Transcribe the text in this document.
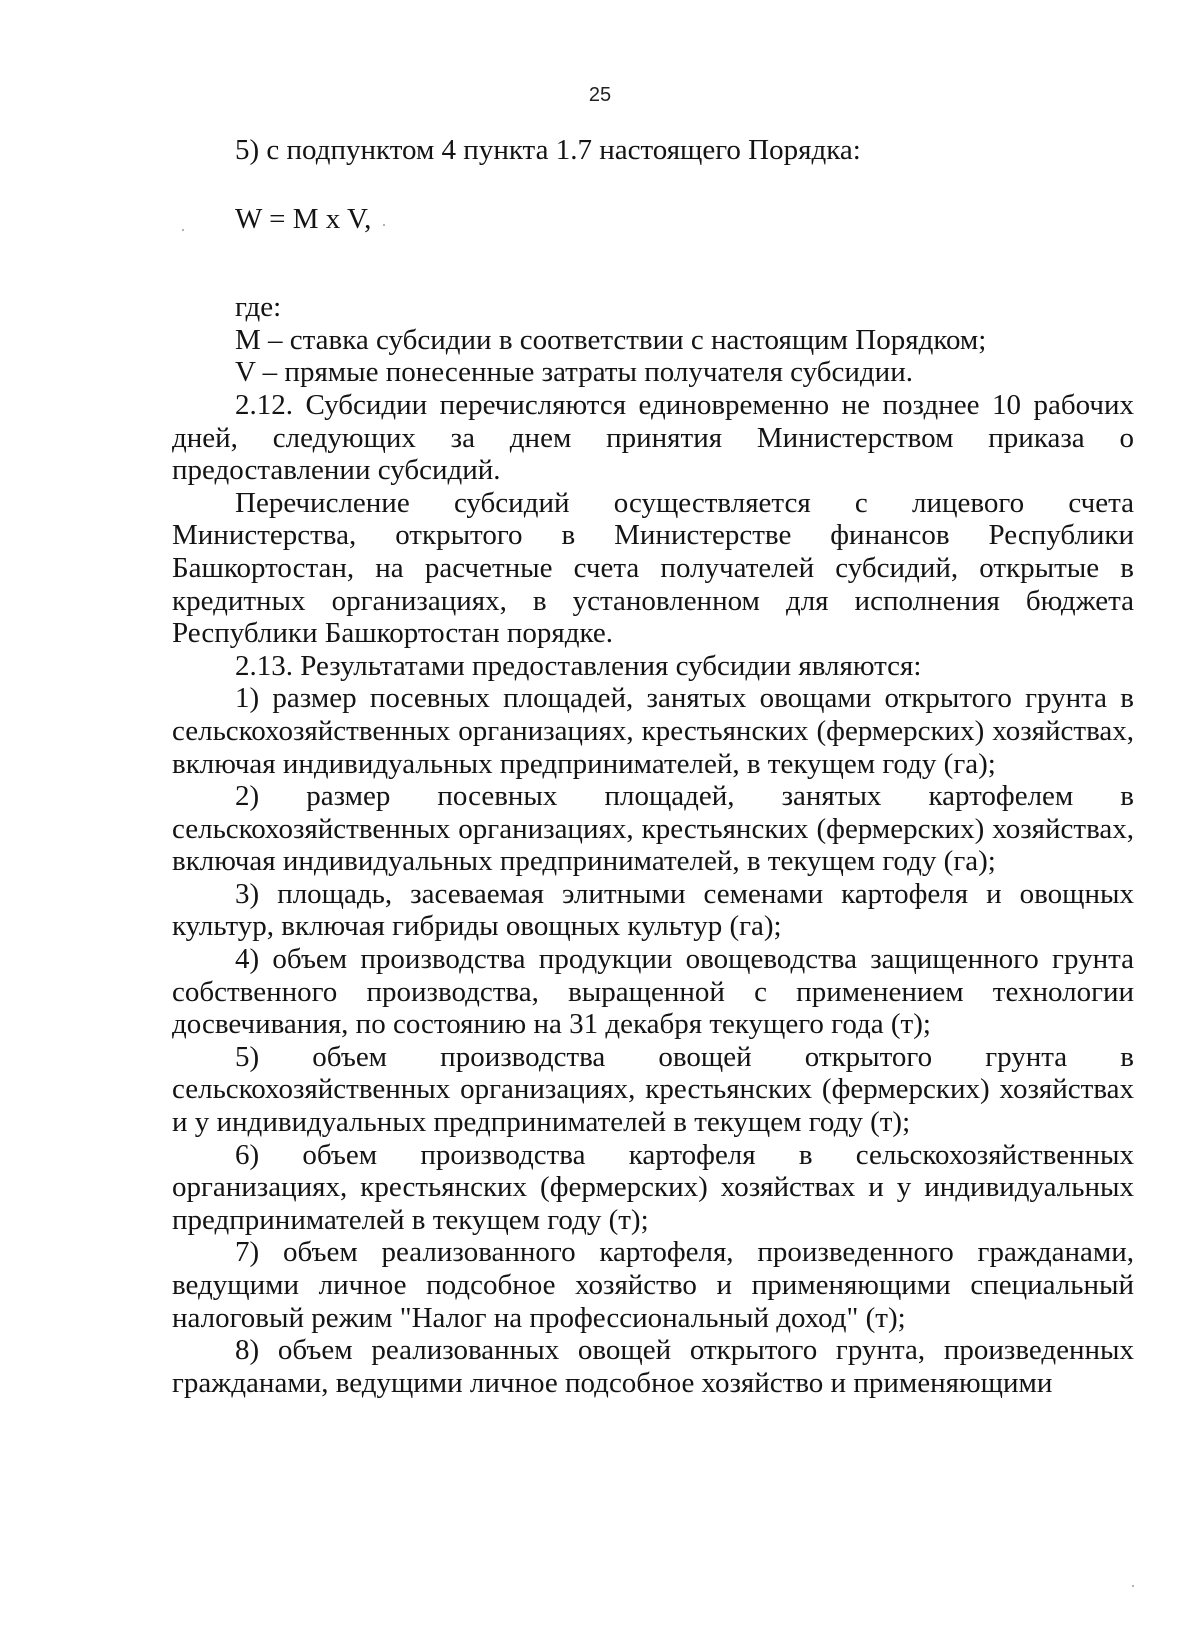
25

5) с подпунктом 4 пункта 1.7 настоящего Порядка:

W = M x V,

где:

M – ставка субсидии в соответствии с настоящим Порядком;

V – прямые понесенные затраты получателя субсидии.

2.12. Субсидии перечисляются единовременно не позднее 10 рабочих дней, следующих за днем принятия Министерством приказа о предоставлении субсидий.

Перечисление субсидий осуществляется с лицевого счета Министерства, открытого в Министерстве финансов Республики Башкортостан, на расчетные счета получателей субсидий, открытые в кредитных организациях, в установленном для исполнения бюджета Республики Башкортостан порядке.

2.13. Результатами предоставления субсидии являются:

1) размер посевных площадей, занятых овощами открытого грунта в сельскохозяйственных организациях, крестьянских (фермерских) хозяйствах, включая индивидуальных предпринимателей, в текущем году (га);

2) размер посевных площадей, занятых картофелем в сельскохозяйственных организациях, крестьянских (фермерских) хозяйствах, включая индивидуальных предпринимателей, в текущем году (га);

3) площадь, засеваемая элитными семенами картофеля и овощных культур, включая гибриды овощных культур (га);

4) объем производства продукции овощеводства защищенного грунта собственного производства, выращенной с применением технологии досвечивания, по состоянию на 31 декабря текущего года (т);

5) объем производства овощей открытого грунта в сельскохозяйственных организациях, крестьянских (фермерских) хозяйствах и у индивидуальных предпринимателей в текущем году (т);

6) объем производства картофеля в сельскохозяйственных организациях, крестьянских (фермерских) хозяйствах и у индивидуальных предпринимателей в текущем году (т);

7) объем реализованного картофеля, произведенного гражданами, ведущими личное подсобное хозяйство и применяющими специальный налоговый режим "Налог на профессиональный доход" (т);

8) объем реализованных овощей открытого грунта, произведенных гражданами, ведущими личное подсобное хозяйство и применяющими
